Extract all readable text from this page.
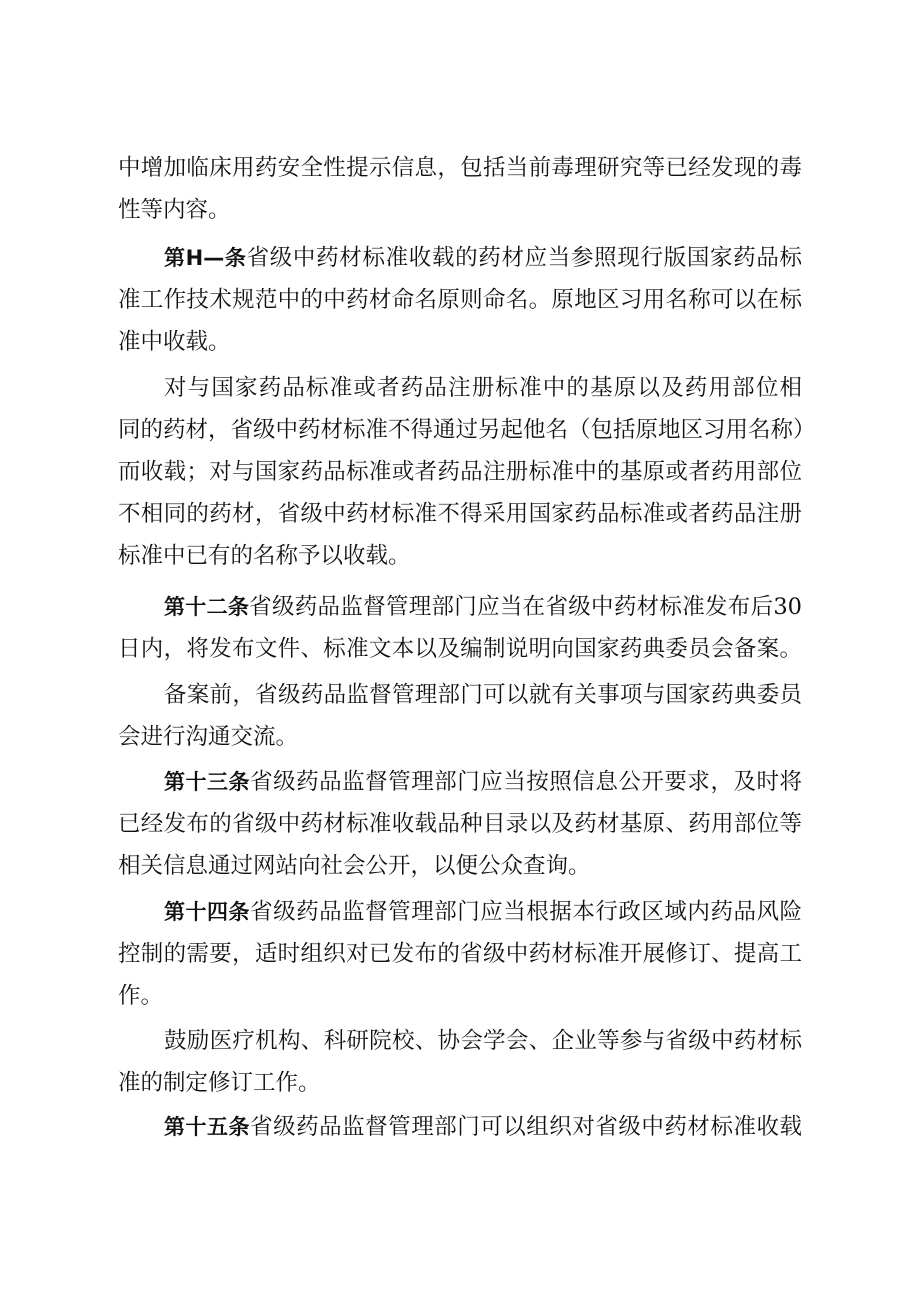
中增加临床用药安全性提示信息，包括当前毒理研究等已经发现的毒
性等内容。
第H—条省级中药材标准收载的药材应当参照现行版国家药品标
准工作技术规范中的中药材命名原则命名。原地区习用名称可以在标
准中收载。
对与国家药品标准或者药品注册标准中的基原以及药用部位相
同的药材，省级中药材标准不得通过另起他名（包括原地区习用名称）
而收载；对与国家药品标准或者药品注册标准中的基原或者药用部位
不相同的药材，省级中药材标准不得采用国家药品标准或者药品注册
标准中已有的名称予以收载。
第十二条省级药品监督管理部门应当在省级中药材标准发布后30
日内，将发布文件、标准文本以及编制说明向国家药典委员会备案。
备案前，省级药品监督管理部门可以就有关事项与国家药典委员
会进行沟通交流。
第十三条省级药品监督管理部门应当按照信息公开要求，及时将
已经发布的省级中药材标准收载品种目录以及药材基原、药用部位等
相关信息通过网站向社会公开，以便公众查询。
第十四条省级药品监督管理部门应当根据本行政区域内药品风险
控制的需要，适时组织对已发布的省级中药材标准开展修订、提高工
作。
鼓励医疗机构、科研院校、协会学会、企业等参与省级中药材标
准的制定修订工作。
第十五条省级药品监督管理部门可以组织对省级中药材标准收载
